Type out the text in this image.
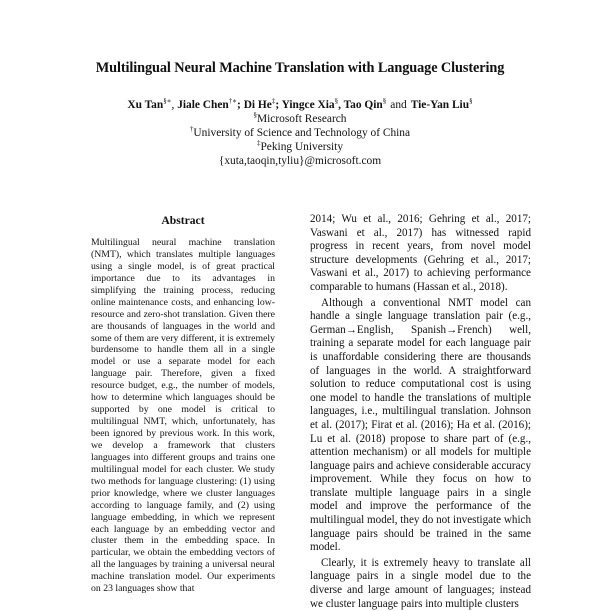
Multilingual Neural Machine Translation with Language Clustering
Xu Tan§∗, Jiale Chen†∗; Di He‡; Yingce Xia§, Tao Qin§ and Tie-Yan Liu§
§Microsoft Research
†University of Science and Technology of China
‡Peking University
{xuta,taoqin,tyliu}@microsoft.com
Abstract
Multilingual neural machine translation (NMT), which translates multiple languages using a single model, is of great practical importance due to its advantages in simplifying the training process, reducing online maintenance costs, and enhancing low-resource and zero-shot translation. Given there are thousands of languages in the world and some of them are very different, it is extremely burdensome to handle them all in a single model or use a separate model for each language pair. Therefore, given a fixed resource budget, e.g., the number of models, how to determine which languages should be supported by one model is critical to multilingual NMT, which, unfortunately, has been ignored by previous work. In this work, we develop a framework that clusters languages into different groups and trains one multilingual model for each cluster. We study two methods for language clustering: (1) using prior knowledge, where we cluster languages according to language family, and (2) using language embedding, in which we represent each language by an embedding vector and cluster them in the embedding space. In particular, we obtain the embedding vectors of all the languages by training a universal neural machine translation model. Our experiments on 23 languages show that

2014; Wu et al., 2016; Gehring et al., 2017; Vaswani et al., 2017) has witnessed rapid progress in recent years, from novel model structure developments (Gehring et al., 2017; Vaswani et al., 2017) to achieving performance comparable to humans (Hassan et al., 2018).

Although a conventional NMT model can handle a single language translation pair (e.g., German→English, Spanish→French) well, training a separate model for each language pair is unaffordable considering there are thousands of languages in the world. A straightforward solution to reduce computational cost is using one model to handle the translations of multiple languages, i.e., multilingual translation. Johnson et al. (2017); Firat et al. (2016); Ha et al. (2016); Lu et al. (2018) propose to share part of (e.g., attention mechanism) or all models for multiple language pairs and achieve considerable accuracy improvement. While they focus on how to translate multiple language pairs in a single model and improve the performance of the multilingual model, they do not investigate which language pairs should be trained in the same model.

Clearly, it is extremely heavy to translate all language pairs in a single model due to the diverse and large amount of languages; instead we cluster language pairs into multiple clusters
